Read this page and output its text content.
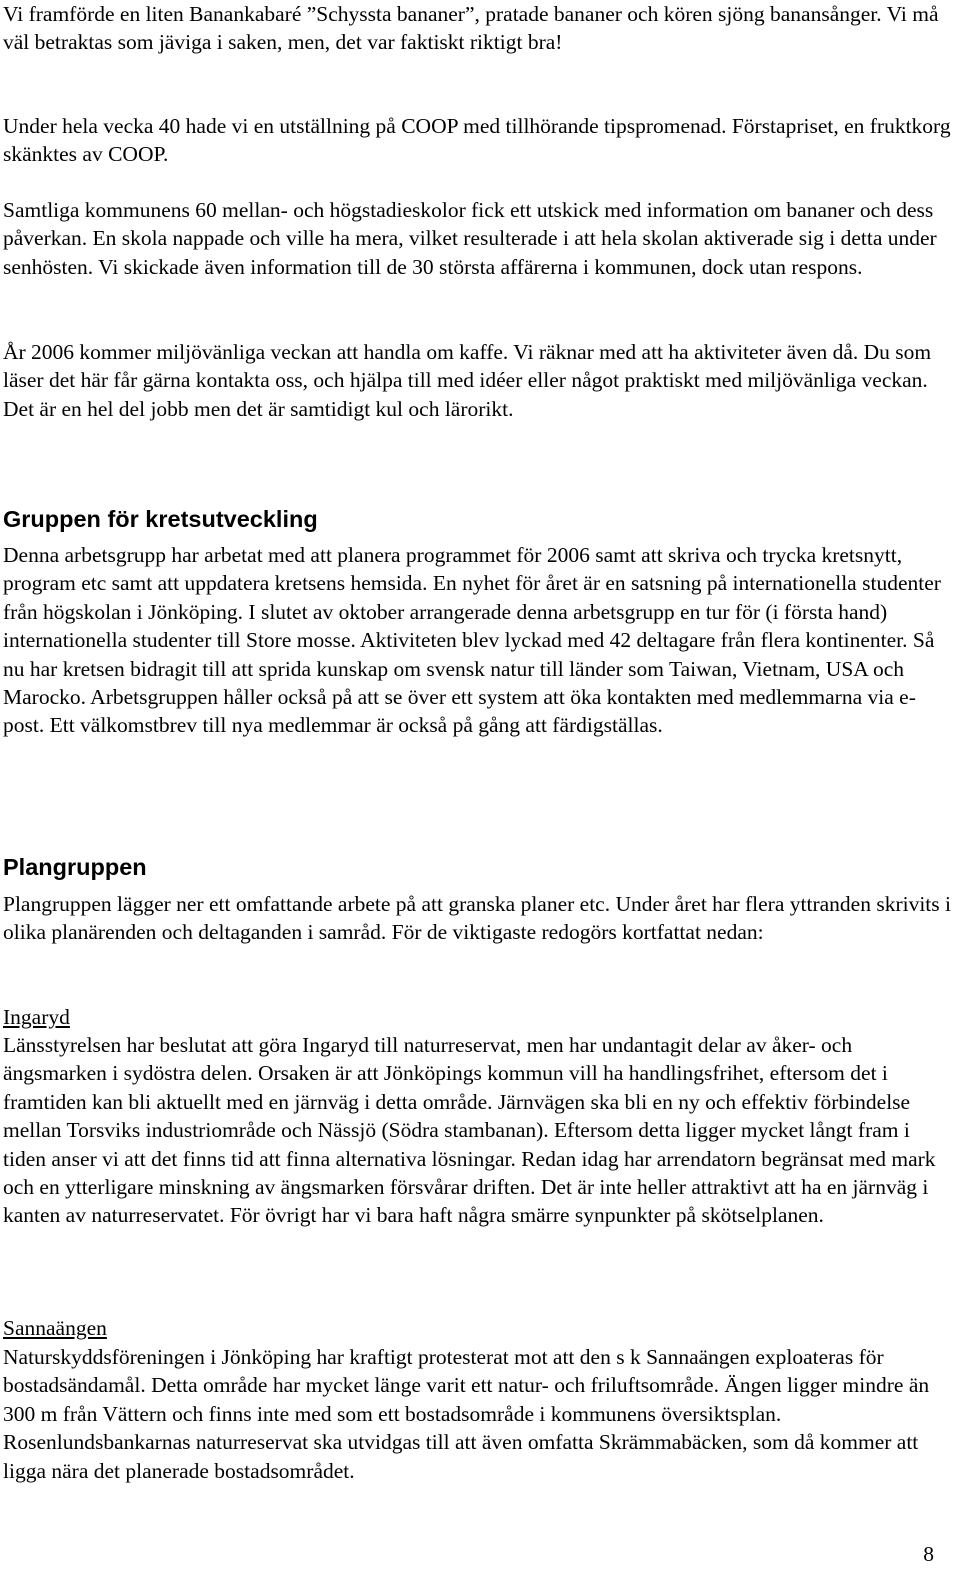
Vi framförde en liten Banankabaré ”Schyssta bananer”, pratade bananer och kören sjöng banansånger. Vi må väl betraktas som jäviga i saken, men, det var faktiskt riktigt bra!

Under hela vecka 40 hade vi en utställning på COOP med tillhörande tipspromenad. Förstapriset, en fruktkorg skänktes av COOP.

Samtliga kommunens 60 mellan- och högstadieskolor fick ett utskick med information om bananer och dess påverkan. En skola nappade och ville ha mera, vilket resulterade i att hela skolan aktiverade sig i detta under senhösten. Vi skickade även information till de 30 största affärerna i kommunen, dock utan respons.

År 2006 kommer miljövänliga veckan att handla om kaffe. Vi räknar med att ha aktiviteter även då. Du som läser det här får gärna kontakta oss, och hjälpa till med idéer eller något praktiskt med miljövänliga veckan. Det är en hel del jobb men det är samtidigt kul och lärorikt.

Gruppen för kretsutveckling

Denna arbetsgrupp har arbetat med att planera programmet för 2006 samt att skriva och trycka kretsnytt, program etc samt att uppdatera kretsens hemsida. En nyhet för året är en satsning på internationella studenter från högskolan i Jönköping. I slutet av oktober arrangerade denna arbetsgrupp en tur för (i första hand) internationella studenter till Store mosse. Aktiviteten blev lyckad med 42 deltagare från flera kontinenter. Så nu har kretsen bidragit till att sprida kunskap om svensk natur till länder som Taiwan, Vietnam, USA och Marocko. Arbetsgruppen håller också på att se över ett system att öka kontakten med medlemmarna via e-post. Ett välkomstbrev till nya medlemmar är också på gång att färdigställas.

Plangruppen

Plangruppen lägger ner ett omfattande arbete på att granska planer etc. Under året har flera yttranden skrivits i olika planärenden och deltaganden i samråd. För de viktigaste redogörs kortfattat nedan:

Ingaryd

Länsstyrelsen har beslutat att göra Ingaryd till naturreservat, men har undantagit delar av åker- och ängsmarken i sydöstra delen. Orsaken är att Jönköpings kommun vill ha handlingsfrihet, eftersom det i framtiden kan bli aktuellt med en järnväg i detta område. Järnvägen ska bli en ny och effektiv förbindelse mellan Torsviks industriområde och Nässjö (Södra stambanan). Eftersom detta ligger mycket långt fram i tiden anser vi att det finns tid att finna alternativa lösningar. Redan idag har arrendatorn begränsat med mark och en ytterligare minskning av ängsmarken försvårar driften. Det är inte heller attraktivt att ha en järnväg i kanten av naturreservatet. För övrigt har vi bara haft några smärre synpunkter på skötselplanen.

Sannaängen

Naturskyddsföreningen i Jönköping har kraftigt protesterat mot att den s k Sannaängen exploateras för bostadsändamål. Detta område har mycket länge varit ett natur- och friluftsområde. Ängen ligger mindre än 300 m från Vättern och finns inte med som ett bostadsområde i kommunens översiktsplan. Rosenlundsbankarnas naturreservat ska utvidgas till att även omfatta Skrämmabäcken, som då kommer att ligga nära det planerade bostadsområdet.

8
